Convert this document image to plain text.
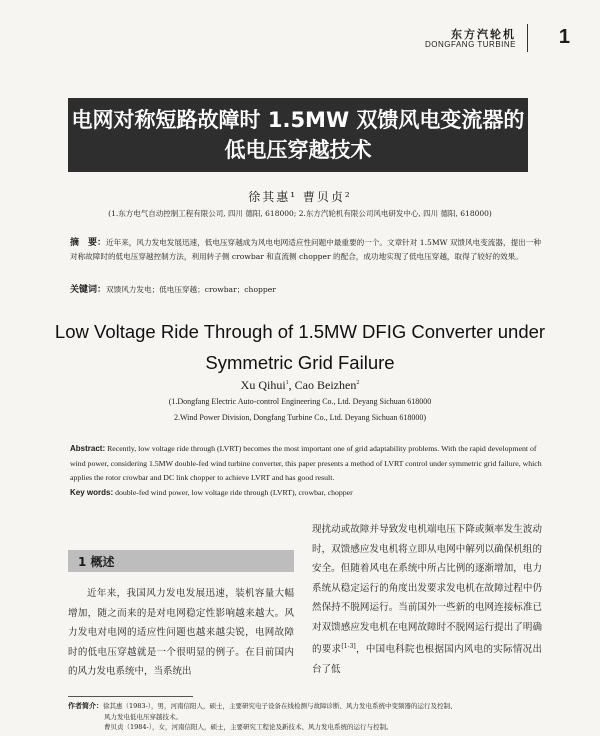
东方汽轮机
DONGFANG TURBINE 1
电网对称短路故障时 1.5MW 双馈风电变流器的
低电压穿越技术
徐其惠¹ 曹贝贞²
(1.东方电气自动控制工程有限公司, 四川 德阳, 618000; 2.东方汽轮机有限公司风电研发中心, 四川 德阳, 618000)
摘　要：近年来，风力发电发展迅速，低电压穿越成为风电电网适应性问题中最重要的一个。文章针对 1.5MW 双馈风电变流器，提出一种对称故障时的低电压穿越控制方法，利用转子侧 crowbar 和直流侧 chopper 的配合，成功地实现了低电压穿越，取得了较好的效果。
关键词：双馈风力发电；低电压穿越；crowbar；chopper
Low Voltage Ride Through of 1.5MW DFIG Converter under
Symmetric Grid Failure
Xu Qihui$^1$, Cao Beizhen$^2$
(1.Dongfang Electric Auto-control Engineering Co., Ltd. Deyang Sichuan 618000
2.Wind Power Division, Dongfang Turbine Co., Ltd. Deyang Sichuan 618000)
Abstract: Recently, low voltage ride through (LVRT) becomes the most important one of grid adaptability problems. With the rapid development of wind power, considering 1.5MW double-fed wind turbine converter, this paper presents a method of LVRT control under symmetric grid failure, which applies the rotor crowbar and DC link chopper to achieve LVRT and has good result.
Key words: double-fed wind power, low voltage ride through (LVRT), crowbar, chopper
1 概述
近年来，我国风力发电发展迅速，装机容量大幅增加，随之而来的是对电网稳定性影响越来越大。风力发电对电网的适应性问题也越来越尖锐，电网故障时的低电压穿越就是一个很明显的例子。在目前国内的风力发电系统中，当系统出
现扰动或故障并导致发电机端电压下降或频率发生波动时，双馈感应发电机将立即从电网中解列以确保机组的安全。但随着风电在系统中所占比例的逐渐增加，电力系统从稳定运行的角度出发要求发电机在故障过程中仍然保持不脱网运行。当前国外一些新的电网连接标准已对双馈感应发电机在电网故障时不脱网运行提出了明确的要求[1-3]，中国电科院也根据国内风电的实际情况出台了低
作者简介：徐其惠（1983-），男，河南信阳人，硕士，主要研究电子设备在线检测与故障诊断、风力发电系统中变频器的运行及控制、
风力发电低电压穿越技术。
曹贝贞（1984-），女，河南信阳人，硕士，主要研究工程论及新技术、风力发电系统的运行与控制。
